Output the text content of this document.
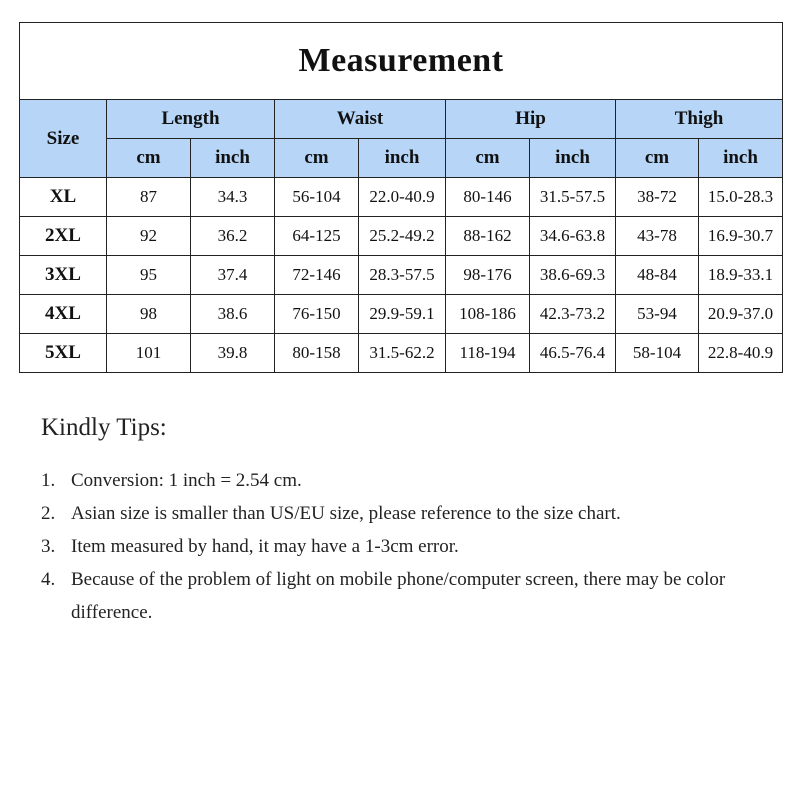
Measurement								
Size	Length		Waist		Hip		Thigh	
	cm	inch	cm	inch	cm	inch	cm	inch
XL	87	34.3	56-104	22.0-40.9	80-146	31.5-57.5	38-72	15.0-28.3
2XL	92	36.2	64-125	25.2-49.2	88-162	34.6-63.8	43-78	16.9-30.7
3XL	95	37.4	72-146	28.3-57.5	98-176	38.6-69.3	48-84	18.9-33.1
4XL	98	38.6	76-150	29.9-59.1	108-186	42.3-73.2	53-94	20.9-37.0
5XL	101	39.8	80-158	31.5-62.2	118-194	46.5-76.4	58-104	22.8-40.9
Kindly Tips:
1. Conversion: 1 inch = 2.54 cm.
2. Asian size is smaller than US/EU size, please reference to the size chart.
3. Item measured by hand, it may have a 1-3cm error.
4. Because of the problem of light on mobile phone/computer screen, there may be color difference.
